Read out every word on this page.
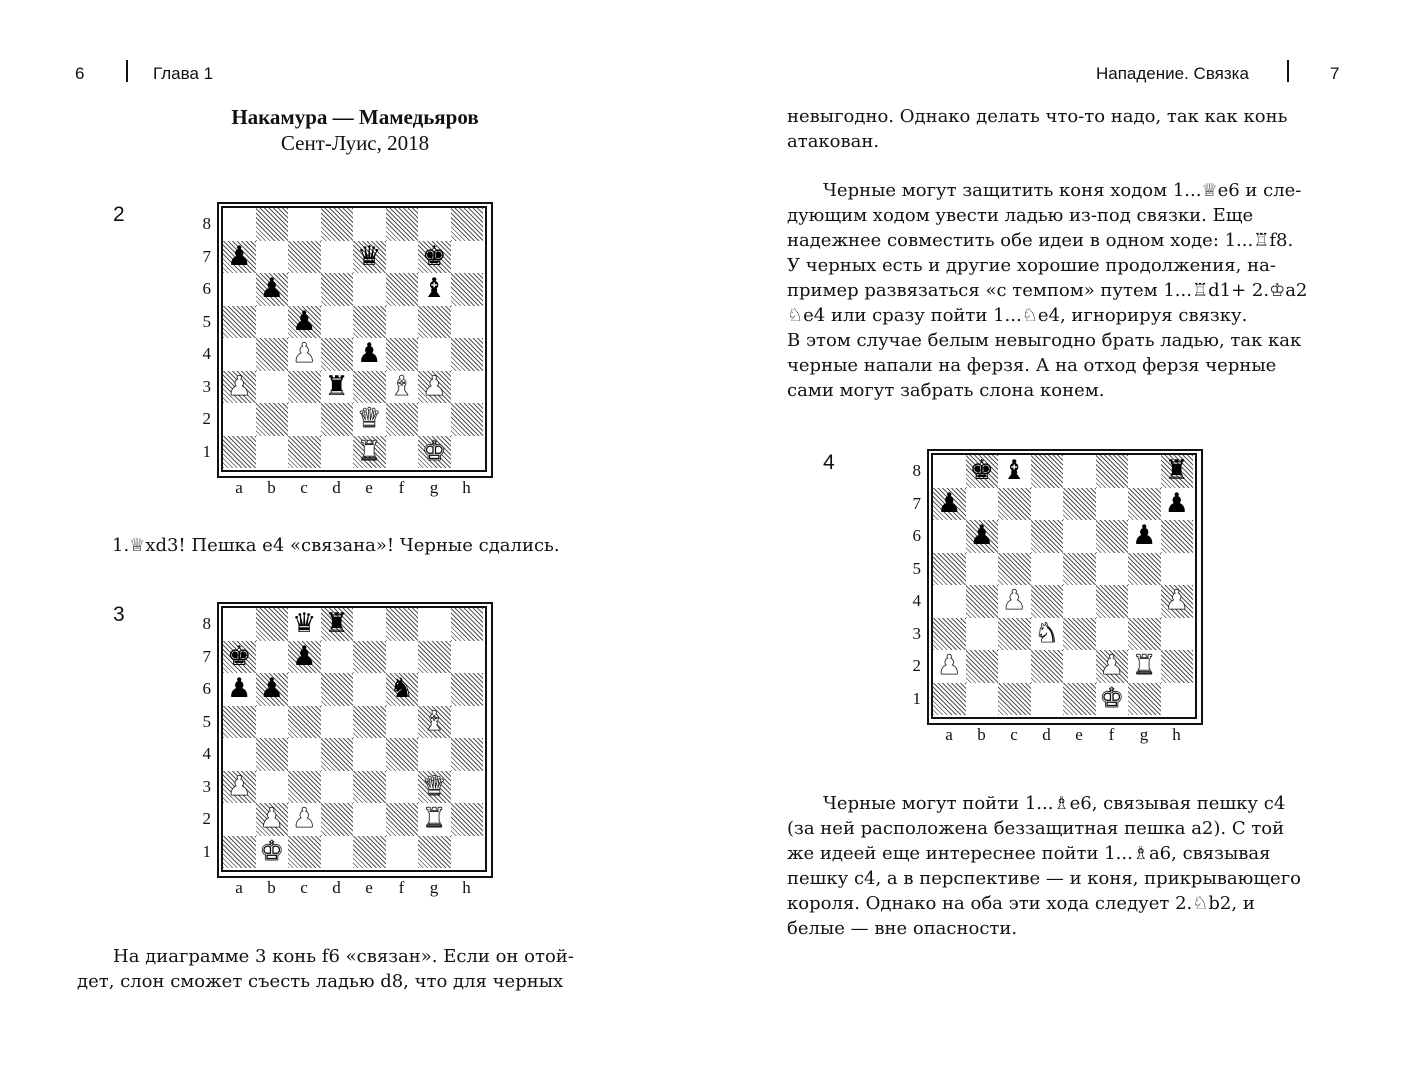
6	Глава 1	Нападение. Связка	7
Накамура — Мамедьяров
Сент-Луис, 2018
2
3
4
♟
♟
♟
♟ ♟
♛ ♚
♝
♟	♜ ♝ ♟
♛
♜ ♚
♛ ♜
♚ ♟
♟ ♟	♞
♝
♟	♛
♟ ♟	♜
♚
♚ ♝	♜
♟	♟
♟	♟
♟	♟
♞
♟	♟ ♜
♚
8
7
6
5
4
3
2
1
a	b	c	d	e	f	g	h
8
7
6
5
4
3
2
1
a	b	c	d	e	f	g	h
8
7
6
5
4
3
2
1
a	b	c	d	e	f	g	h
1.♕xd3! Пешка e4 «связана»! Черные сдались.

На диаграмме 3 конь f6 «связан». Если он отой-

дет, слон сможет съесть ладью d8, что для черных

невыгодно. Однако делать что-то надо, так как конь

атакован.

Черные могут защитить коня ходом 1...♕e6 и сле-

дующим ходом увести ладью из-под связки. Еще

надежнее совместить обе идеи в одном ходе: 1...♖f8.

У черных есть и другие хорошие продолжения, на-

пример развязаться «с темпом» путем 1...♖d1+ 2.♔a2

♘e4 или сразу пойти 1...♘e4, игнорируя связку.

В этом случае белым невыгодно брать ладью, так как

черные напали на ферзя. А на отход ферзя черные

сами могут забрать слона конем.

Черные могут пойти 1...♗e6, связывая пешку c4

(за ней расположена беззащитная пешка a2). С той

же идеей еще интереснее пойти 1...♗a6, связывая

пешку c4, а в перспективе — и коня, прикрывающего

короля. Однако на оба эти хода следует 2.♘b2, и

белые — вне опасности.
